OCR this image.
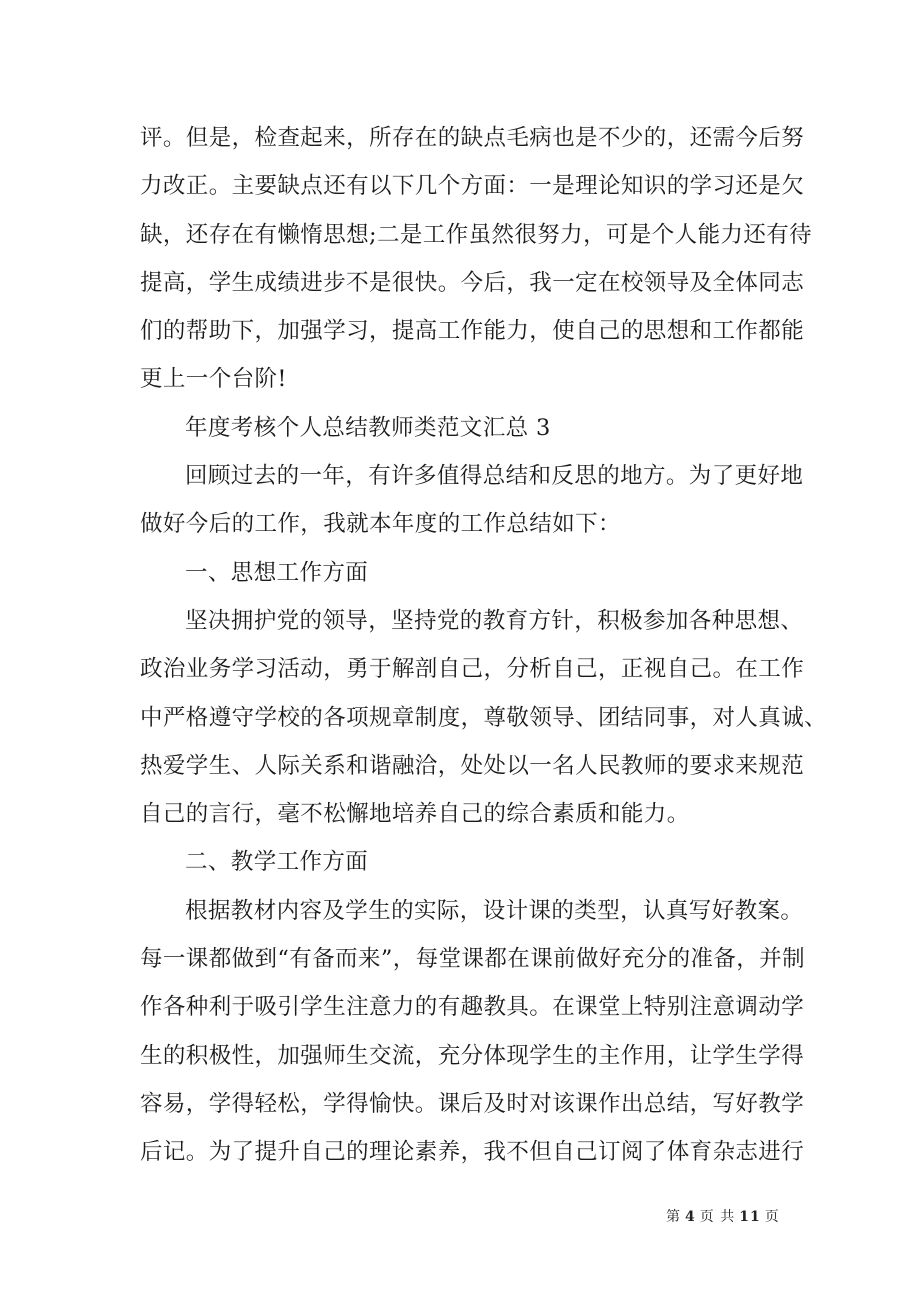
评。但是，检查起来，所存在的缺点毛病也是不少的，还需今后努
力改正。主要缺点还有以下几个方面：一是理论知识的学习还是欠
缺，还存在有懒惰思想;二是工作虽然很努力，可是个人能力还有待
提高，学生成绩进步不是很快。今后，我一定在校领导及全体同志
们的帮助下，加强学习，提高工作能力，使自己的思想和工作都能
更上一个台阶!
年度考核个人总结教师类范文汇总 3
回顾过去的一年，有许多值得总结和反思的地方。为了更好地
做好今后的工作，我就本年度的工作总结如下：
一、思想工作方面
坚决拥护党的领导，坚持党的教育方针，积极参加各种思想、
政治业务学习活动，勇于解剖自己，分析自己，正视自己。在工作
中严格遵守学校的各项规章制度，尊敬领导、团结同事，对人真诚、
热爱学生、人际关系和谐融洽，处处以一名人民教师的要求来规范
自己的言行，毫不松懈地培养自己的综合素质和能力。
二、教学工作方面
根据教材内容及学生的实际，设计课的类型，认真写好教案。
每一课都做到“有备而来”，每堂课都在课前做好充分的准备，并制
作各种利于吸引学生注意力的有趣教具。在课堂上特别注意调动学
生的积极性，加强师生交流，充分体现学生的主作用，让学生学得
容易，学得轻松，学得愉快。课后及时对该课作出总结，写好教学
后记。为了提升自己的理论素养，我不但自己订阅了体育杂志进行
第 4 页 共 11 页
